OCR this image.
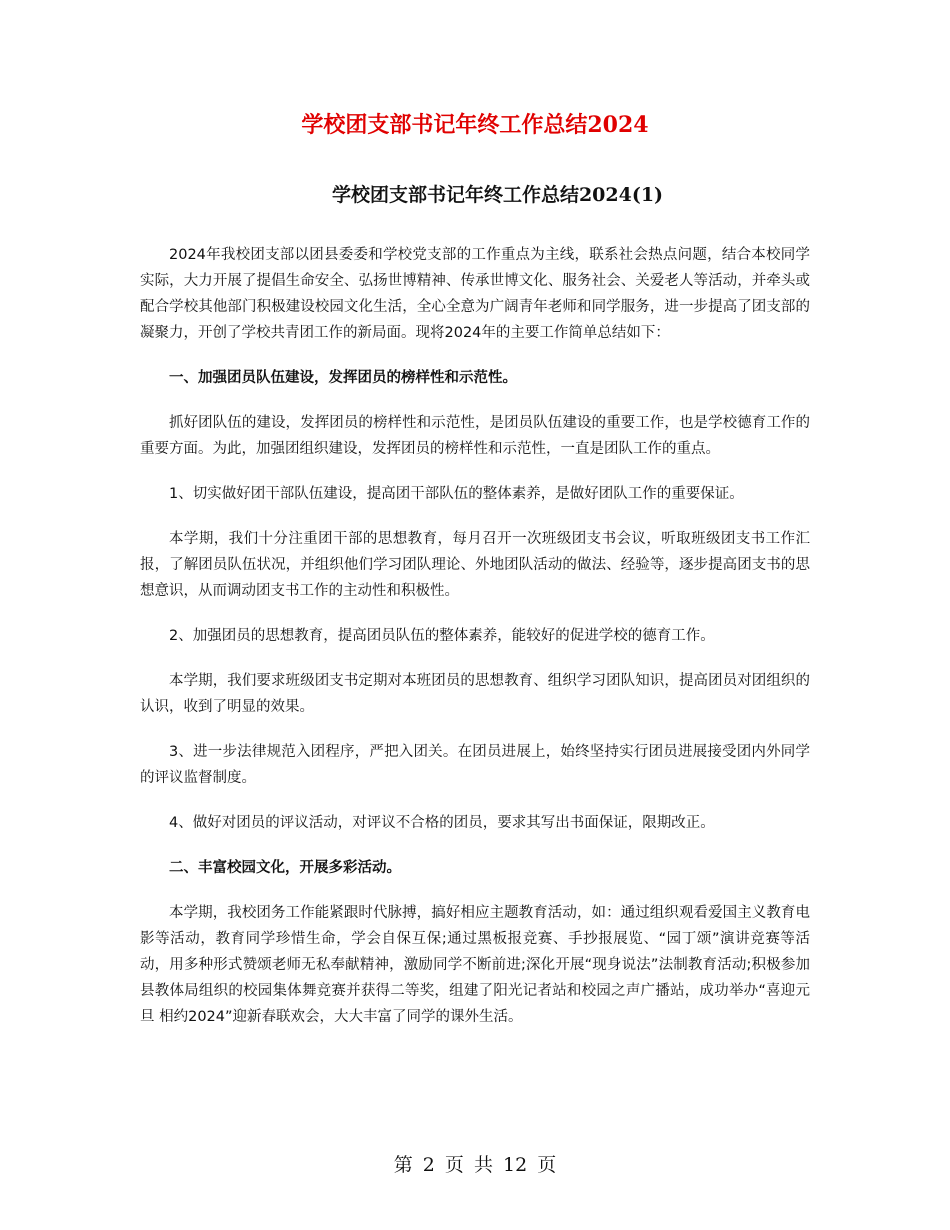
学校团支部书记年终工作总结2024
学校团支部书记年终工作总结2024(1)

2024年我校团支部以团县委委和学校党支部的工作重点为主线，联系社会热点问题，结合本校同学实际，大力开展了提倡生命安全、弘扬世博精神、传承世博文化、服务社会、关爱老人等活动，并牵头或配合学校其他部门积极建设校园文化生活，全心全意为广阔青年老师和同学服务，进一步提高了团支部的凝聚力，开创了学校共青团工作的新局面。现将2024年的主要工作简单总结如下：

一、加强团员队伍建设，发挥团员的榜样性和示范性。

抓好团队伍的建设，发挥团员的榜样性和示范性，是团员队伍建设的重要工作，也是学校德育工作的重要方面。为此，加强团组织建设，发挥团员的榜样性和示范性，一直是团队工作的重点。

1、切实做好团干部队伍建设，提高团干部队伍的整体素养，是做好团队工作的重要保证。

本学期，我们十分注重团干部的思想教育，每月召开一次班级团支书会议，听取班级团支书工作汇报，了解团员队伍状况，并组织他们学习团队理论、外地团队活动的做法、经验等，逐步提高团支书的思想意识，从而调动团支书工作的主动性和积极性。

2、加强团员的思想教育，提高团员队伍的整体素养，能较好的促进学校的德育工作。

本学期，我们要求班级团支书定期对本班团员的思想教育、组织学习团队知识，提高团员对团组织的认识，收到了明显的效果。

3、进一步法律规范入团程序，严把入团关。在团员进展上，始终坚持实行团员进展接受团内外同学的评议监督制度。

4、做好对团员的评议活动，对评议不合格的团员，要求其写出书面保证，限期改正。

二、丰富校园文化，开展多彩活动。

本学期，我校团务工作能紧跟时代脉搏，搞好相应主题教育活动，如：通过组织观看爱国主义教育电影等活动，教育同学珍惜生命，学会自保互保;通过黑板报竞赛、手抄报展览、“园丁颂”演讲竞赛等活动，用多种形式赞颂老师无私奉献精神，激励同学不断前进;深化开展“现身说法”法制教育活动;积极参加县教体局组织的校园集体舞竞赛并获得二等奖，组建了阳光记者站和校园之声广播站，成功举办“喜迎元旦 相约2024”迎新春联欢会，大大丰富了同学的课外生活。

第 2 页 共 12 页
